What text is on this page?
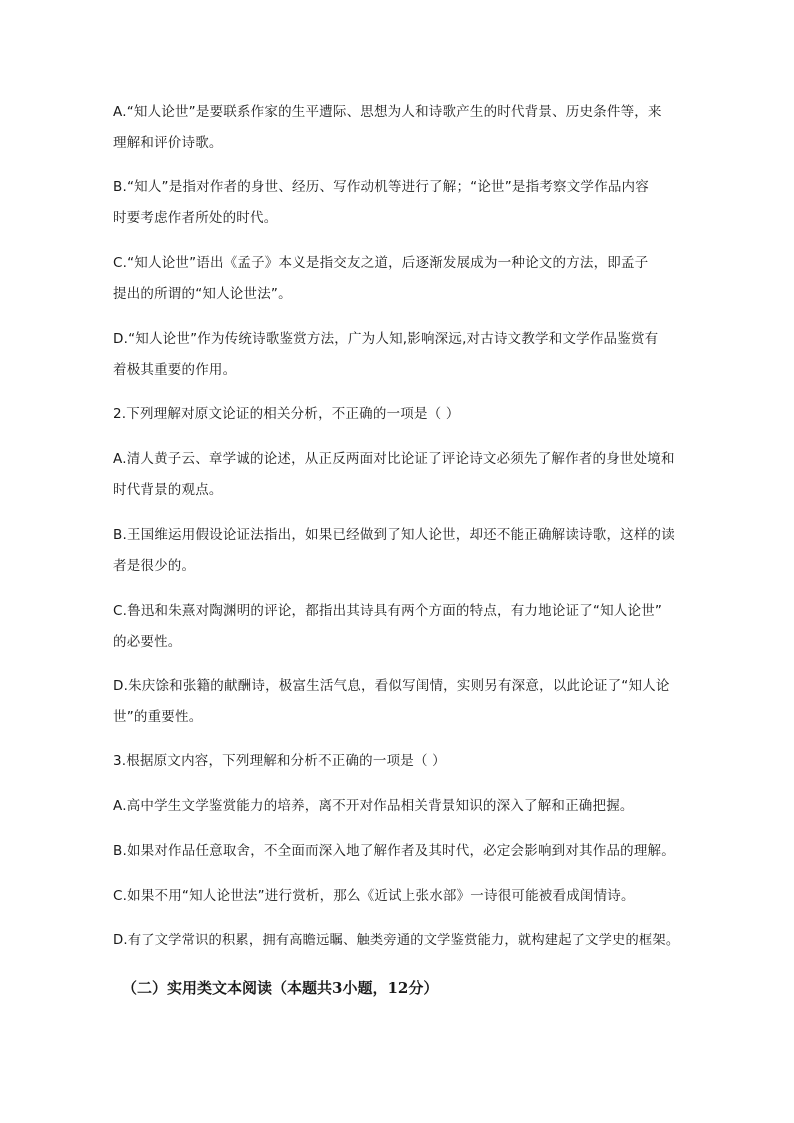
A.“知人论世”是要联系作家的生平遭际、思想为人和诗歌产生的时代背景、历史条件等，来
理解和评价诗歌。

B.“知人”是指对作者的身世、经历、写作动机等进行了解；“论世”是指考察文学作品内容
时要考虑作者所处的时代。

C.“知人论世”语出《孟子》本义是指交友之道，后逐渐发展成为一种论文的方法，即孟子
提出的所谓的“知人论世法”。

D.“知人论世”作为传统诗歌鉴赏方法，广为人知,影响深远,对古诗文教学和文学作品鉴赏有
着极其重要的作用。

2.下列理解对原文论证的相关分析，不正确的一项是（ ）

A.清人黄子云、章学诚的论述，从正反两面对比论证了评论诗文必须先了解作者的身世处境和
时代背景的观点。

B.王国维运用假设论证法指出，如果已经做到了知人论世，却还不能正确解读诗歌，这样的读
者是很少的。

C.鲁迅和朱熹对陶渊明的评论，都指出其诗具有两个方面的特点，有力地论证了“知人论世”
的必要性。

D.朱庆馀和张籍的献酬诗，极富生活气息，看似写闺情，实则另有深意，以此论证了“知人论
世”的重要性。

3.根据原文内容，下列理解和分析不正确的一项是（ ）

A.高中学生文学鉴赏能力的培养，离不开对作品相关背景知识的深入了解和正确把握。

B.如果对作品任意取舍，不全面而深入地了解作者及其时代，必定会影响到对其作品的理解。

C.如果不用“知人论世法”进行赏析，那么《近试上张水部》一诗很可能被看成闺情诗。

D.有了文学常识的积累，拥有高瞻远瞩、触类旁通的文学鉴赏能力，就构建起了文学史的框架。

（二）实用类文本阅读（本题共3小题，12分）
